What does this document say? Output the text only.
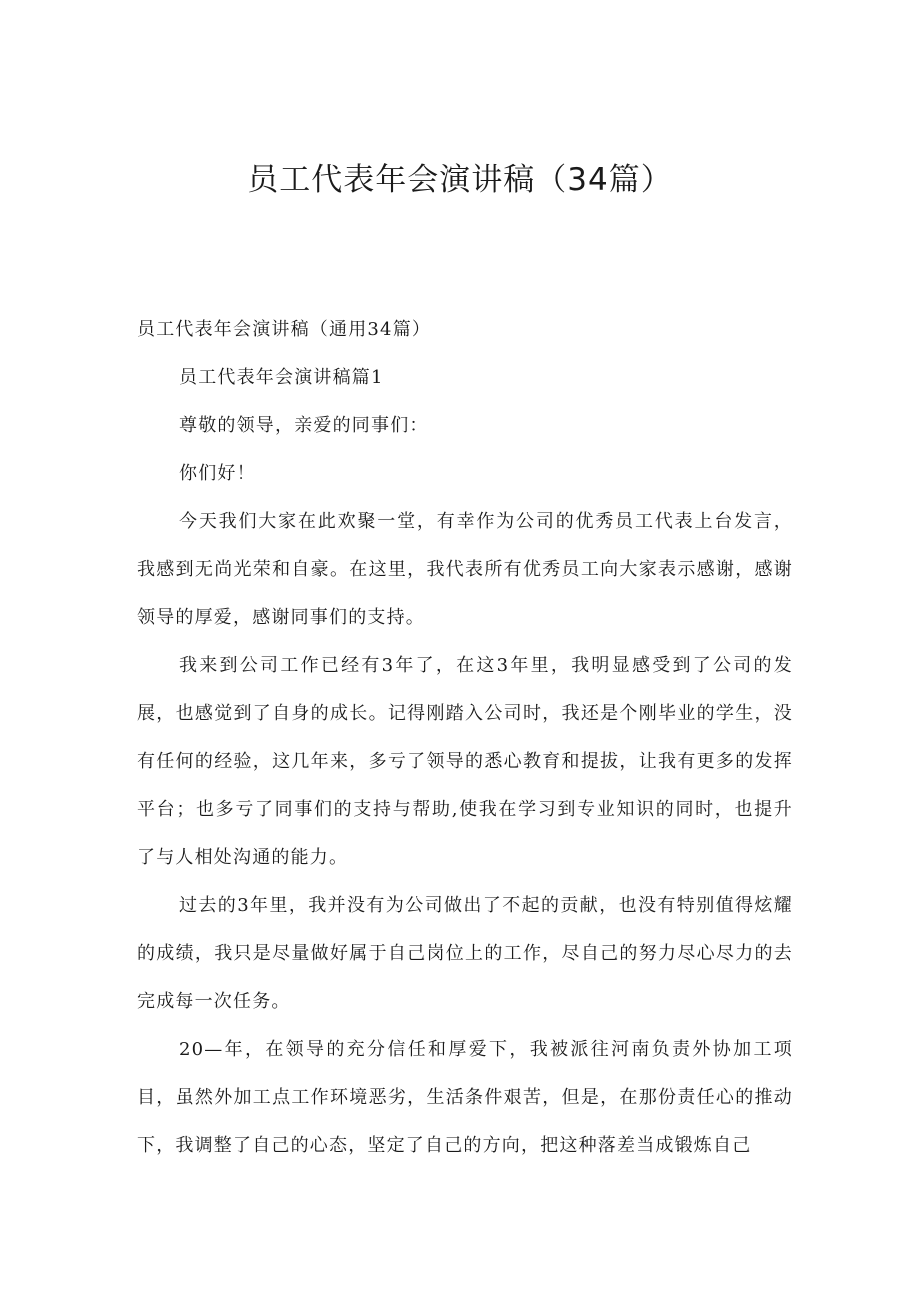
员工代表年会演讲稿（34篇）

员工代表年会演讲稿（通用34篇）

员工代表年会演讲稿篇1

尊敬的领导，亲爱的同事们：

你们好！

今天我们大家在此欢聚一堂，有幸作为公司的优秀员工代表上台发言，我感到无尚光荣和自豪。在这里，我代表所有优秀员工向大家表示感谢，感谢领导的厚爱，感谢同事们的支持。

我来到公司工作已经有3年了，在这3年里，我明显感受到了公司的发展，也感觉到了自身的成长。记得刚踏入公司时，我还是个刚毕业的学生，没有任何的经验，这几年来，多亏了领导的悉心教育和提拔，让我有更多的发挥平台；也多亏了同事们的支持与帮助,使我在学习到专业知识的同时，也提升了与人相处沟通的能力。

过去的3年里，我并没有为公司做出了不起的贡献，也没有特别值得炫耀的成绩，我只是尽量做好属于自己岗位上的工作，尽自己的努力尽心尽力的去完成每一次任务。

20—年，在领导的充分信任和厚爱下，我被派往河南负责外协加工项目，虽然外加工点工作环境恶劣，生活条件艰苦，但是，在那份责任心的推动下，我调整了自己的心态，坚定了自己的方向，把这种落差当成锻炼自己
